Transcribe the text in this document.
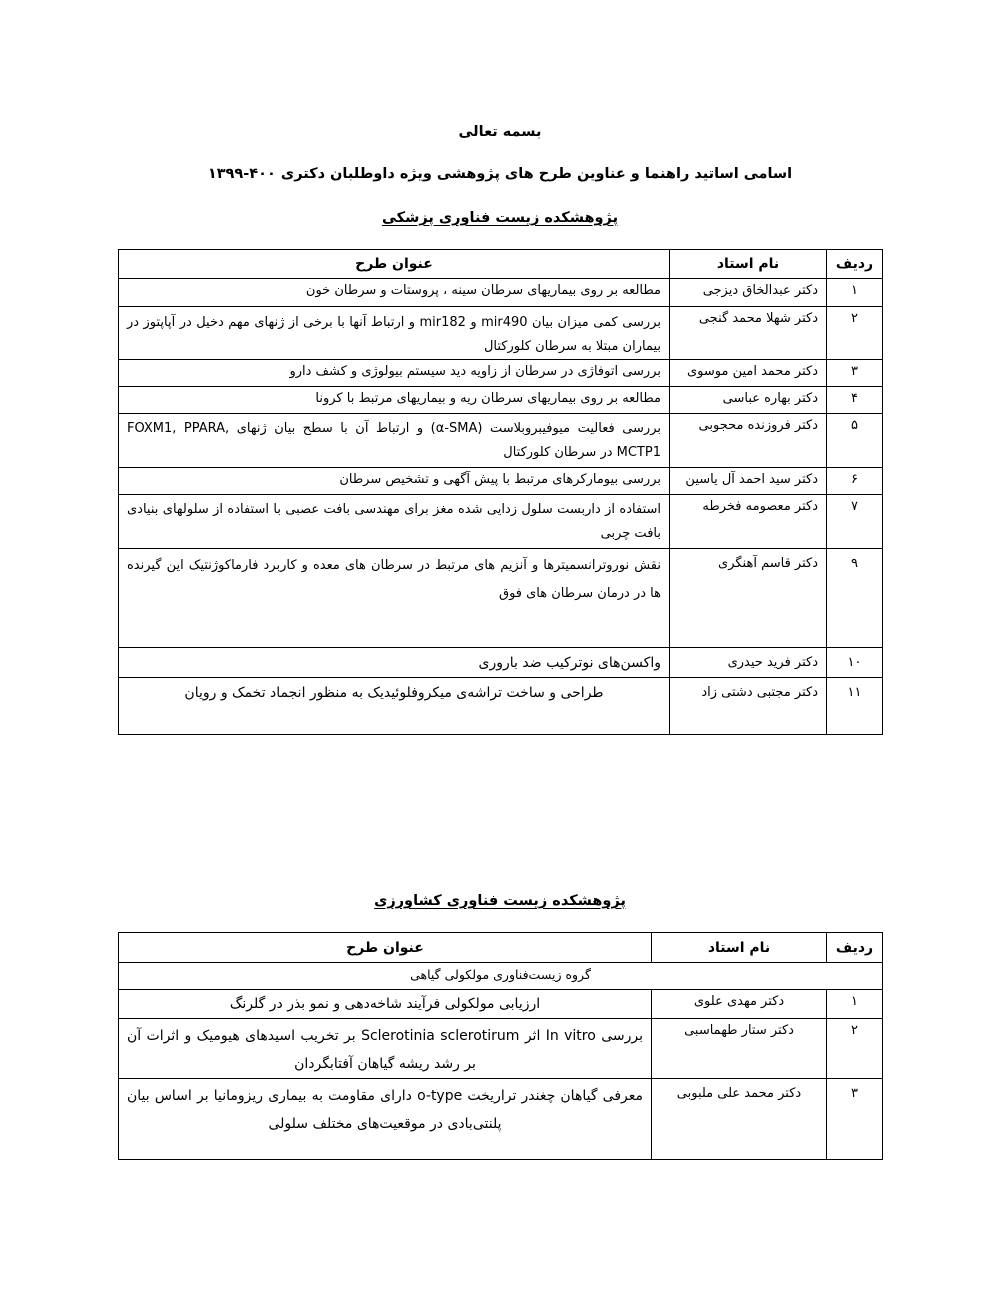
بسمه تعالی

اسامی اساتید راهنما و عناوین طرح های پژوهشی ویژه داوطلبان دکتری ۴۰۰-۱۳۹۹

پژوهشکده زیست فناوری پزشکی

ردیف	نام استاد	عنوان طرح
۱	دکتر عبدالخاق دیزجی	مطالعه بر روی بیماریهای سرطان سینه ، پروستات و سرطان خون
۲	دکتر شهلا محمد گنجی	بررسی کمی میزان بیان mir490 و mir182 و ارتباط آنها با برخی از ژنهای مهم دخیل در آپاپتوز در بیماران مبتلا به سرطان کلورکتال
۳	دکتر محمد امین موسوی	بررسی اتوفاژی در سرطان از زاویه دید سیستم بیولوژی و کشف دارو
۴	دکتر بهاره عباسی	مطالعه بر روی بیماریهای سرطان ریه و بیماریهای مرتبط با کرونا
۵	دکتر فروزنده محجوبی	بررسی فعالیت میوفیبروبلاست (α-SMA) و ارتباط آن با سطح بیان ژنهای FOXM1, PPARA, MCTP1 در سرطان کلورکتال
۶	دکتر سید احمد آل یاسین	بررسی بیومارکرهای مرتبط با پیش آگهی و تشخیص سرطان
۷	دکتر معصومه فخرطه	استفاده از داربست سلول زدایی شده مغز برای مهندسی بافت عصبی با استفاده از سلولهای بنیادی بافت چربی
۹	دکتر قاسم آهنگری	نقش نوروترانسمیترها و آنزیم های مرتبط در سرطان های معده و کاربرد فارماکوژنتیک این گیرنده ها در درمان سرطان های فوق
۱۰	دکتر فرید حیدری	واکسن‌های نوترکیب ضد باروری
۱۱	دکتر مجتبی دشتی زاد	طراحی و ساخت تراشه‌ی میکروفلوئیدیک به منظور انجماد تخمک و رویان

پژوهشکده زیست فناوری کشاورزی

ردیف	نام استاد	عنوان طرح
گروه زیست‌فناوری مولکولی گیاهی		
۱	دکتر مهدی علوی	ارزیابی مولکولی فرآیند شاخه‌دهی و نمو بذر در گلرنگ
۲	دکتر ستار طهماسبی	بررسی In vitro اثر Sclerotinia sclerotirum بر تخریب اسیدهای هیومیک و اثرات آن بر رشد ریشه گیاهان آفتابگردان
۳	دکتر محمد علی ملبوبی	معرفی گیاهان چغندر تراریخت o-type دارای مقاومت به بیماری ریزومانیا بر اساس بیان پلنتی‌بادی در موقعیت‌های مختلف سلولی
